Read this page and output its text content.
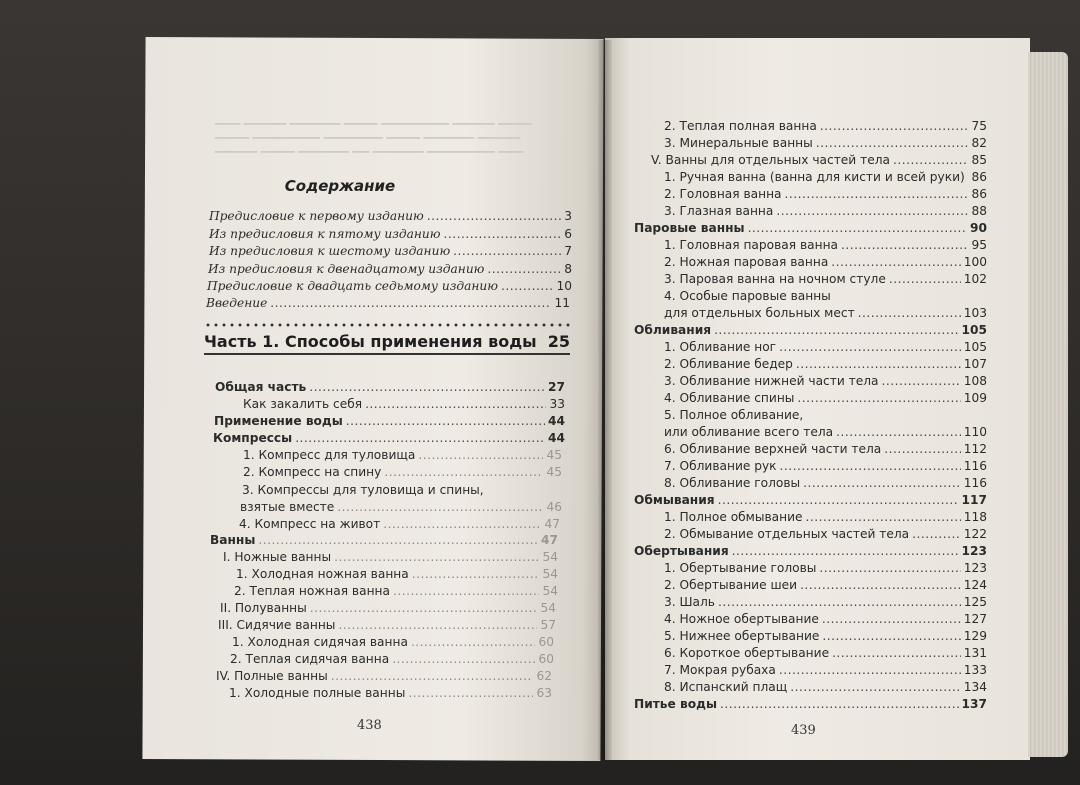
▁▁▁ ▁▁▁▁▁ ▁▁▁▁▁▁ ▁▁▁▁ ▁▁▁▁▁▁▁▁ ▁▁▁▁▁ ▁▁▁▁
▁▁▁▁ ▁▁▁▁▁▁▁▁ ▁▁▁▁▁▁▁ ▁▁▁▁ ▁▁▁▁▁▁ ▁▁▁▁▁
▁▁▁▁▁ ▁▁▁▁ ▁▁▁▁▁▁ ▁▁ ▁▁▁▁▁▁ ▁▁▁▁▁▁▁▁ ▁▁▁
Содержание
Предисловие к первому изданию .....	3
Из предисловия к пятому изданию .....	6
Из предисловия к шестому изданию .....	7
Из предисловия к двенадцатому изданию .....	8
Предисловие к двадцать седьмому изданию .....	10
Введение .....	11
Часть 1. Способы применения воды 25
Общая часть .....	27
Как закалить себя .....	33
Применение воды .....	44
Компрессы .....	44
1. Компресс для туловища .....	45
2. Компресс на спину .....	45
3. Компрессы для туловища и спины,
взятые вместе .....	46
4. Компресс на живот .....	47
Ванны .....	47
I. Ножные ванны .....	54
1. Холодная ножная ванна .....	54
2. Теплая ножная ванна .....	54
II. Полуванны .....	54
III. Сидячие ванны .....	57
1. Холодная сидячая ванна .....	60
2. Теплая сидячая ванна .....	60
IV. Полные ванны .....	62
1. Холодные полные ванны .....	63
2. Теплая полная ванна .....	75
3. Минеральные ванны .....	82
V. Ванны для отдельных частей тела .....	85
1. Ручная ванна (ванна для кисти и всей руки) ..... 86
2. Головная ванна .....	86
3. Глазная ванна .....	88
Паровые ванны .....	90
1. Головная паровая ванна .....	95
2. Ножная паровая ванна .....	100
3. Паровая ванна на ночном стуле .....	102
4. Особые паровые ванны
для отдельных больных мест .....	103
Обливания .....	105
1. Обливание ног .....	105
2. Обливание бедер .....	107
3. Обливание нижней части тела .....	108
4. Обливание спины .....	109
5. Полное обливание,
или обливание всего тела .....	110
6. Обливание верхней части тела .....	112
7. Обливание рук .....	116
8. Обливание головы .....	116
Обмывания .....	117
1. Полное обмывание .....	118
2. Обмывание отдельных частей тела .....	122
Обертывания .....	123
1. Обертывание головы .....	123
2. Обертывание шеи .....	124
3. Шаль .....	125
4. Ножное обертывание .....	127
5. Нижнее обертывание .....	129
6. Короткое обертывание .....	131
7. Мокрая рубаха .....	133
8. Испанский плащ .....	134
Питье воды .....	137
438	439
